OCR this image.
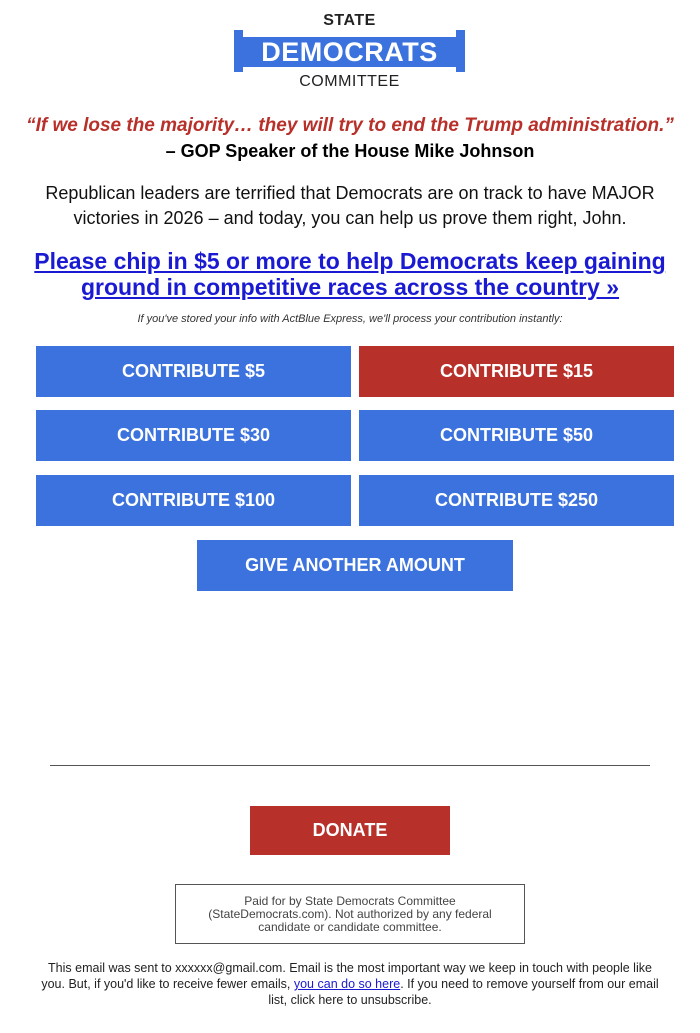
STATE
DEMOCRATS
COMMITTEE
“If we lose the majority… they will try to end the Trump administration.”
– GOP Speaker of the House Mike Johnson
Republican leaders are terrified that Democrats are on track to have MAJOR
victories in 2026 – and today, you can help us prove them right, John.
Please chip in $5 or more to help Democrats keep gaining
ground in competitive races across the country »
If you've stored your info with ActBlue Express, we'll process your contribution instantly:
CONTRIBUTE $5	CONTRIBUTE $15
CONTRIBUTE $30	CONTRIBUTE $50
CONTRIBUTE $100	CONTRIBUTE $250
GIVE ANOTHER AMOUNT
DONATE
Paid for by State Democrats Committee
(StateDemocrats.com). Not authorized by any federal
candidate or candidate committee.
This email was sent to xxxxxx@gmail.com. Email is the most important way we keep in touch with people like you. But, if you'd like to receive fewer emails, you can do so here. If you need to remove yourself from our email list, click here to unsubscribe.
